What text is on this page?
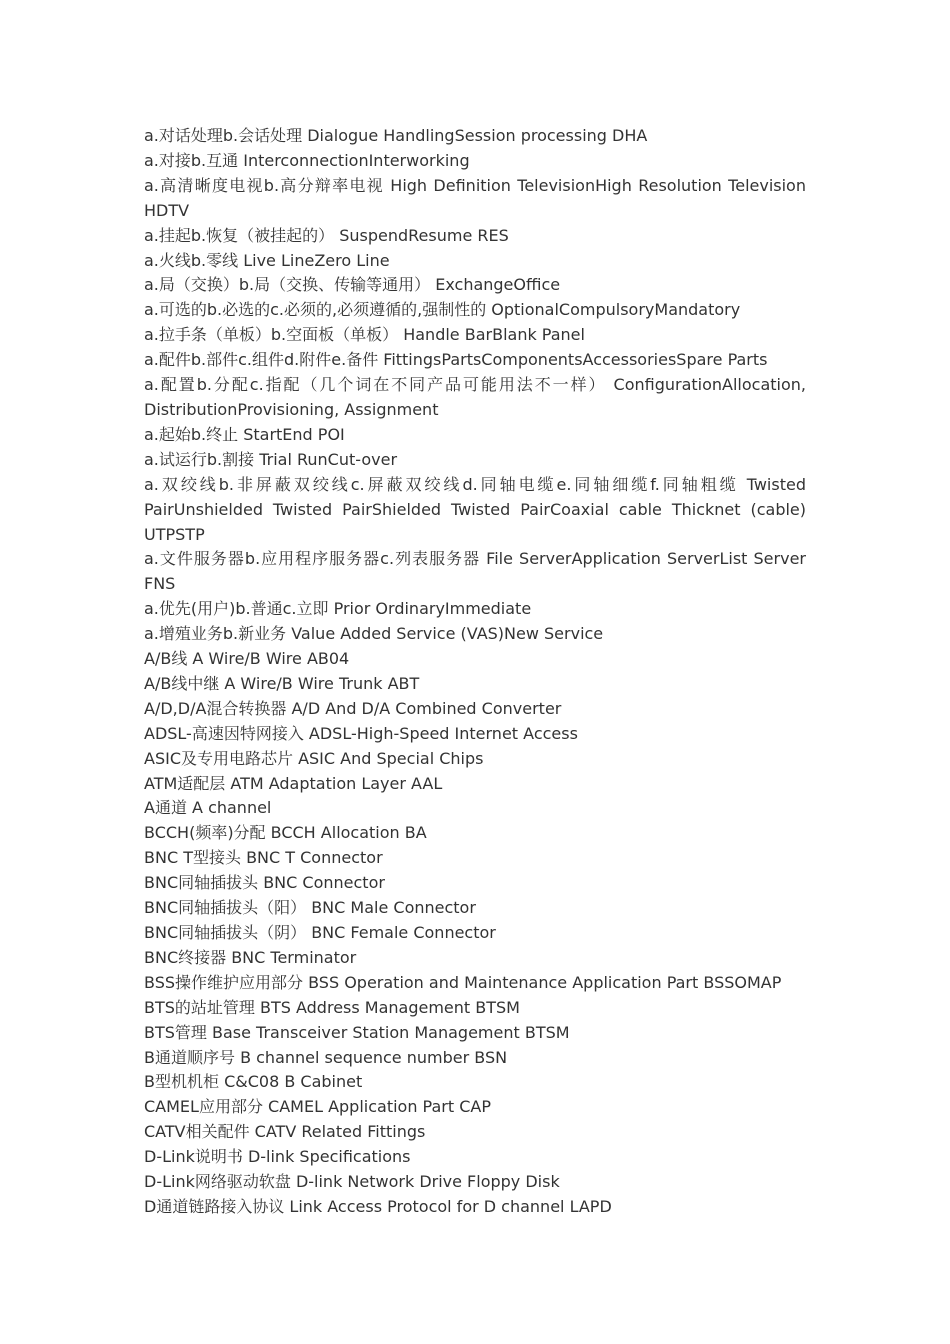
a.对话处理b.会话处理 Dialogue HandlingSession processing DHA
a.对接b.互通 InterconnectionInterworking
a.高清晰度电视b.高分辩率电视 High Definition TelevisionHigh Resolution Television HDTV
a.挂起b.恢复（被挂起的） SuspendResume RES
a.火线b.零线 Live LineZero Line
a.局（交换）b.局（交换、传输等通用） ExchangeOffice
a.可选的b.必选的c.必须的,必须遵循的,强制性的 OptionalCompulsoryMandatory
a.拉手条（单板）b.空面板（单板） Handle BarBlank Panel
a.配件b.部件c.组件d.附件e.备件 FittingsPartsComponentsAccessoriesSpare Parts
a.配置b.分配c.指配（几个词在不同产品可能用法不一样） ConfigurationAllocation, DistributionProvisioning, Assignment
a.起始b.终止 StartEnd POI
a.试运行b.割接 Trial RunCut-over
a.双绞线b.非屏蔽双绞线c.屏蔽双绞线d.同轴电缆e.同轴细缆f.同轴粗缆 Twisted PairUnshielded Twisted PairShielded Twisted PairCoaxial cable Thicknet (cable) UTPSTP
a.文件服务器b.应用程序服务器c.列表服务器 File ServerApplication ServerList Server FNS
a.优先(用户)b.普通c.立即 Prior OrdinaryImmediate
a.增殖业务b.新业务 Value Added Service (VAS)New Service
A/B线 A Wire/B Wire AB04
A/B线中继 A Wire/B Wire Trunk ABT
A/D,D/A混合转换器 A/D And D/A Combined Converter
ADSL-高速因特网接入 ADSL-High-Speed Internet Access
ASIC及专用电路芯片 ASIC And Special Chips
ATM适配层 ATM Adaptation Layer AAL
A通道 A channel
BCCH(频率)分配 BCCH Allocation BA
BNC T型接头 BNC T Connector
BNC同轴插拔头 BNC Connector
BNC同轴插拔头（阳） BNC Male Connector
BNC同轴插拔头（阴） BNC Female Connector
BNC终接器 BNC Terminator
BSS操作维护应用部分 BSS Operation and Maintenance Application Part BSSOMAP
BTS的站址管理 BTS Address Management BTSM
BTS管理 Base Transceiver Station Management BTSM
B通道顺序号 B channel sequence number BSN
B型机机柜 C&C08 B Cabinet
CAMEL应用部分 CAMEL Application Part CAP
CATV相关配件 CATV Related Fittings
D-Link说明书 D-link Specifications
D-Link网络驱动软盘 D-link Network Drive Floppy Disk
D通道链路接入协议 Link Access Protocol for D channel LAPD
